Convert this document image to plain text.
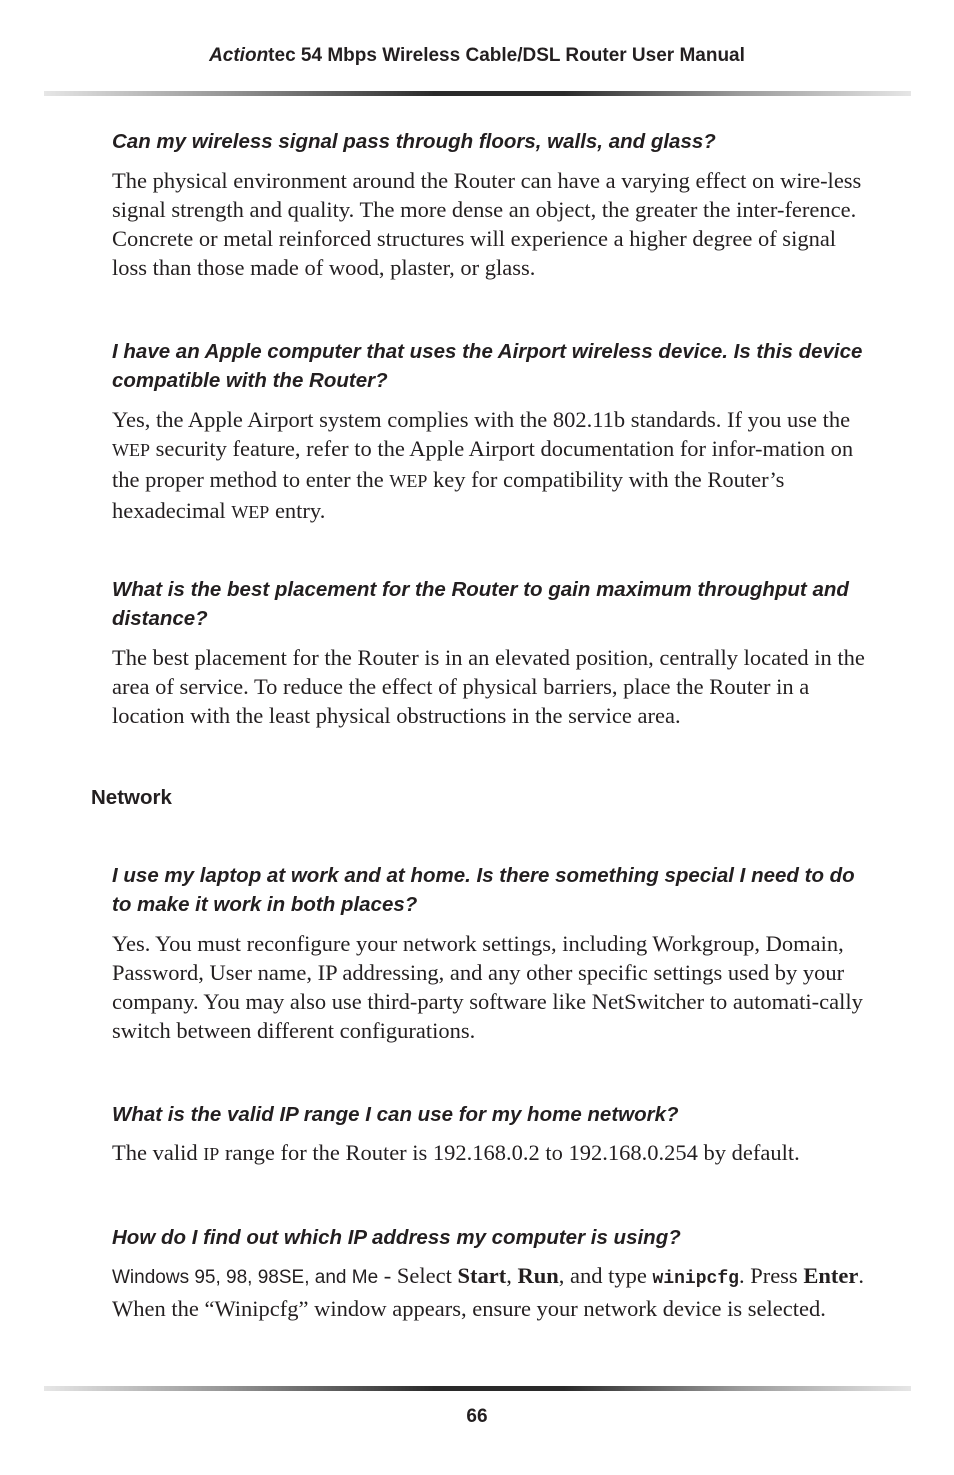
Actiontec 54 Mbps Wireless Cable/DSL Router User Manual
Can my wireless signal pass through floors, walls, and glass?
The physical environment around the Router can have a varying effect on wire-less signal strength and quality. The more dense an object, the greater the inter-ference. Concrete or metal reinforced structures will experience a higher degree of signal loss than those made of wood, plaster, or glass.
I have an Apple computer that uses the Airport wireless device. Is this device compatible with the Router?
Yes, the Apple Airport system complies with the 802.11b standards. If you use the WEP security feature, refer to the Apple Airport documentation for infor-mation on the proper method to enter the WEP key for compatibility with the Router’s hexadecimal WEP entry.
What is the best placement for the Router to gain maximum throughput and distance?
The best placement for the Router is in an elevated position, centrally located in the area of service. To reduce the effect of physical barriers, place the Router in a location with the least physical obstructions in the service area.
Network
I use my laptop at work and at home. Is there something special I need to do to make it work in both places?
Yes. You must reconfigure your network settings, including Workgroup, Domain, Password, User name, IP addressing, and any other specific settings used by your company. You may also use third-party software like NetSwitcher to automati-cally switch between different configurations.
What is the valid IP range I can use for my home network?
The valid IP range for the Router is 192.168.0.2 to 192.168.0.254 by default.
How do I find out which IP address my computer is using?
Windows 95, 98, 98SE, and Me - Select Start, Run, and type winipcfg. Press Enter. When the “Winipcfg” window appears, ensure your network device is selected.
66
